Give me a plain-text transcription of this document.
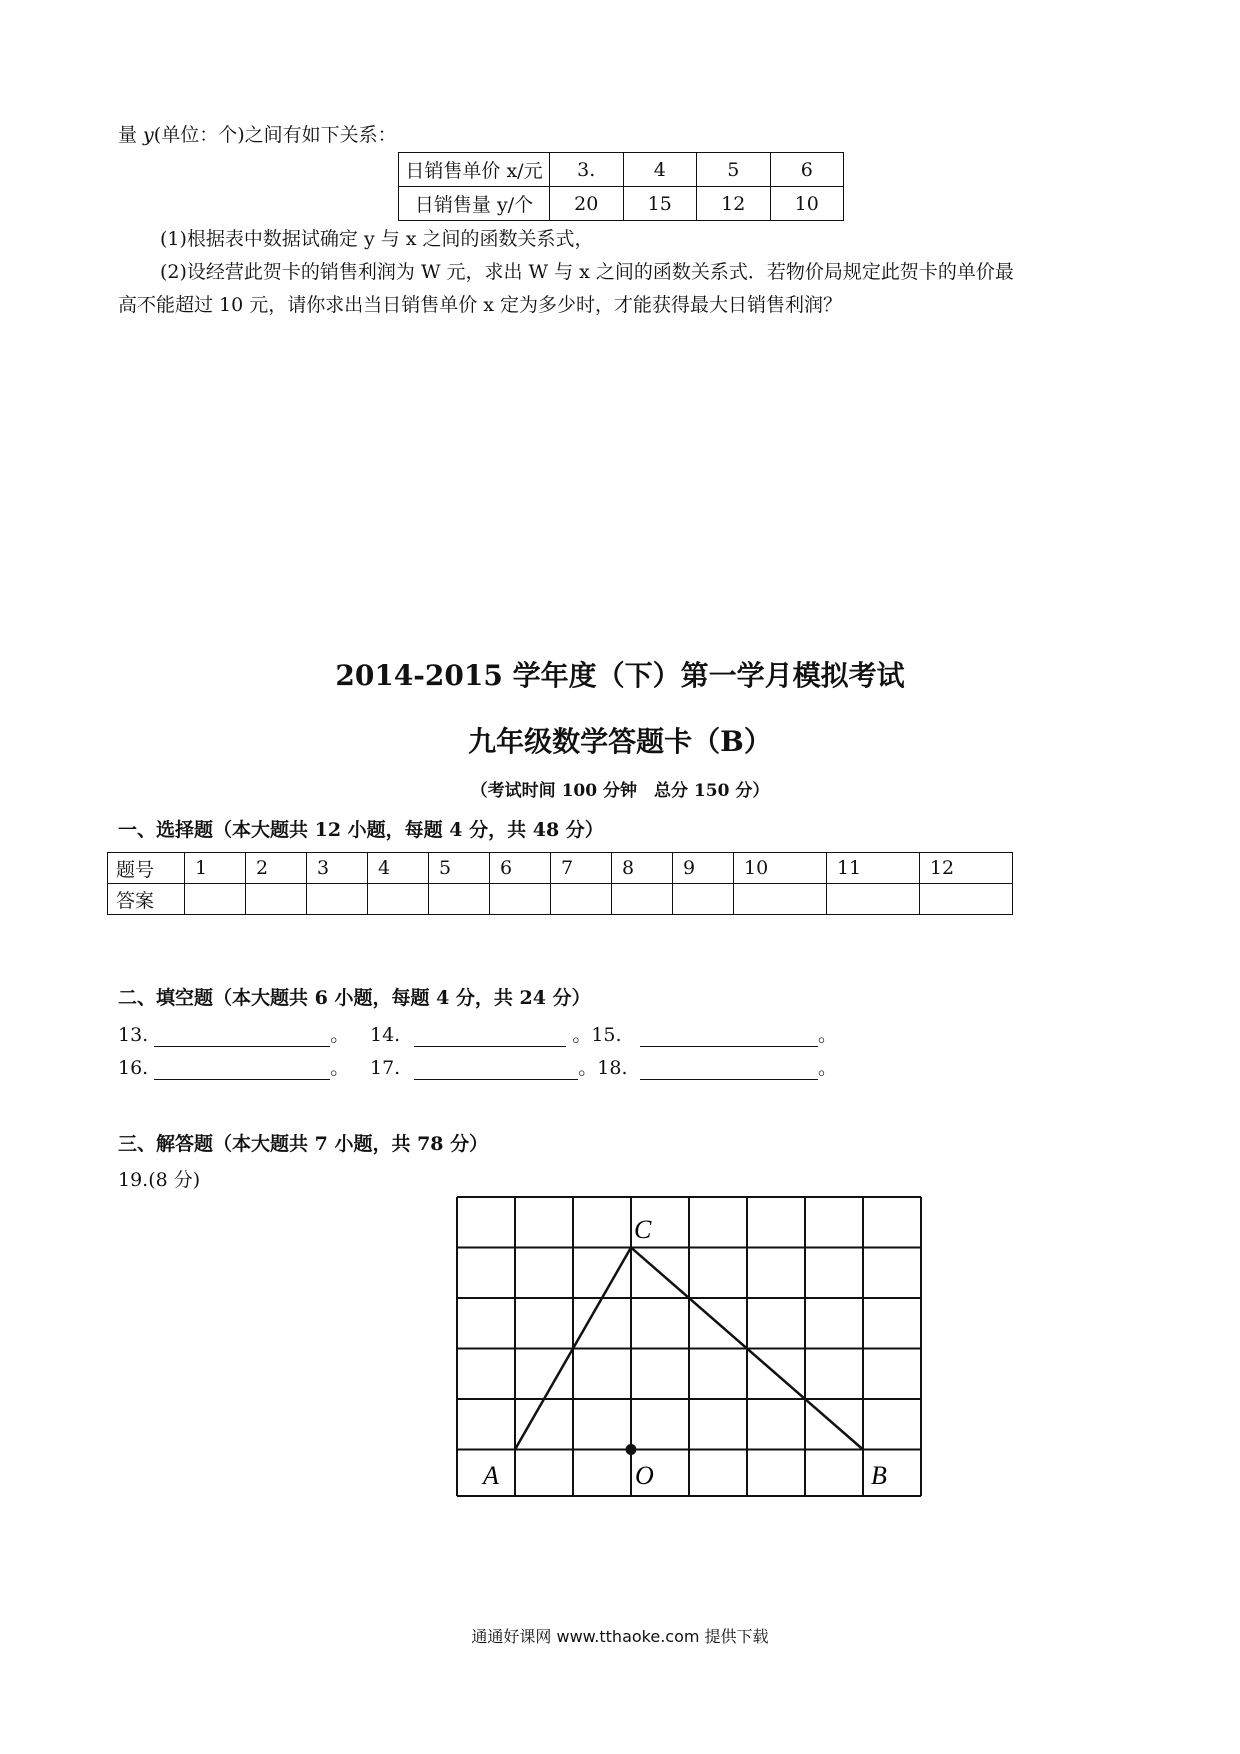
量 y(单位：个)之间有如下关系：
日销售单价 x/元	3.	4	5	6
日销售量 y/个	20	15	12	10
(1)根据表中数据试确定 y 与 x 之间的函数关系式，
(2)设经营此贺卡的销售利润为 W 元，求出 W 与 x 之间的函数关系式．若物价局规定此贺卡的单价最
高不能超过 10 元，请你求出当日销售单价 x 定为多少时，才能获得最大日销售利润？
2014-2015 学年度（下）第一学月模拟考试
九年级数学答题卡（B）
（考试时间 100 分钟　总分 150 分）
一、选择题（本大题共 12 小题，每题 4 分，共 48 分）
题号	1	2	3	4	5	6	7	8	9	10	11	12
答案												
二、填空题（本大题共 6 小题，每题 4 分，共 24 分）
13.	。 14.	。15.	。
16.	。 17.	。18.	。
三、解答题（本大题共 7 小题，共 78 分）
19.(8 分)
C
A	O	B
通通好课网 www.tthaoke.com 提供下载
